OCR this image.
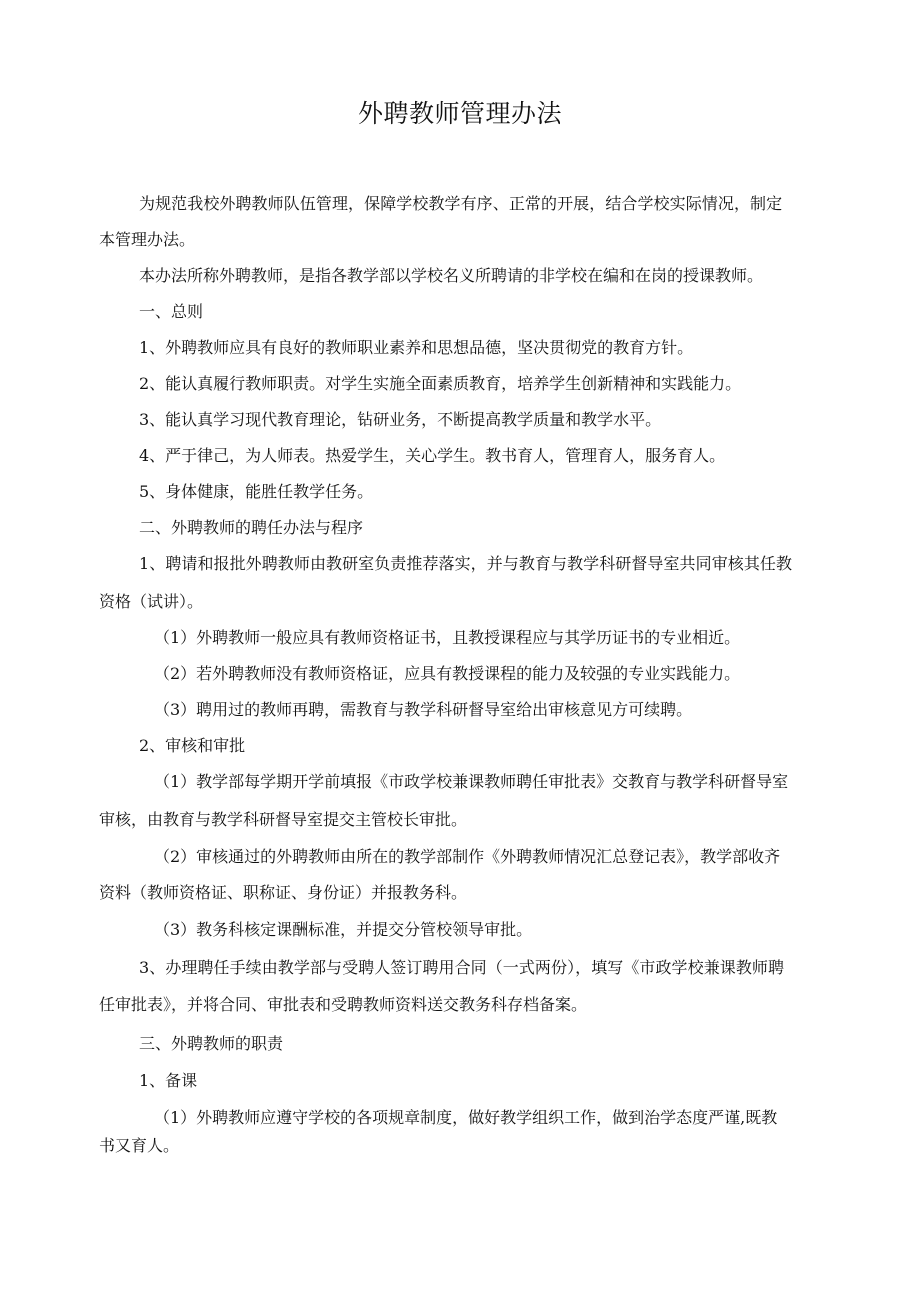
外聘教师管理办法
为规范我校外聘教师队伍管理，保障学校教学有序、正常的开展，结合学校实际情况，制定
本管理办法。
本办法所称外聘教师，是指各教学部以学校名义所聘请的非学校在编和在岗的授课教师。
一、总则
1、外聘教师应具有良好的教师职业素养和思想品德，坚决贯彻党的教育方针。
2、能认真履行教师职责。对学生实施全面素质教育，培养学生创新精神和实践能力。
3、能认真学习现代教育理论，钻研业务，不断提高教学质量和教学水平。
4、严于律己，为人师表。热爱学生，关心学生。教书育人，管理育人，服务育人。
5、身体健康，能胜任教学任务。
二、外聘教师的聘任办法与程序
1、聘请和报批外聘教师由教研室负责推荐落实，并与教育与教学科研督导室共同审核其任教
资格（试讲）。
（1）外聘教师一般应具有教师资格证书，且教授课程应与其学历证书的专业相近。
（2）若外聘教师没有教师资格证，应具有教授课程的能力及较强的专业实践能力。
（3）聘用过的教师再聘，需教育与教学科研督导室给出审核意见方可续聘。
2、审核和审批
（1）教学部每学期开学前填报《市政学校兼课教师聘任审批表》交教育与教学科研督导室
审核，由教育与教学科研督导室提交主管校长审批。
（2）审核通过的外聘教师由所在的教学部制作《外聘教师情况汇总登记表》，教学部收齐
资料（教师资格证、职称证、身份证）并报教务科。
（3）教务科核定课酬标准，并提交分管校领导审批。
3、办理聘任手续由教学部与受聘人签订聘用合同（一式两份），填写《市政学校兼课教师聘
任审批表》，并将合同、审批表和受聘教师资料送交教务科存档备案。
三、外聘教师的职责
1、备课
（1）外聘教师应遵守学校的各项规章制度，做好教学组织工作，做到治学态度严谨,既教
书又育人。
